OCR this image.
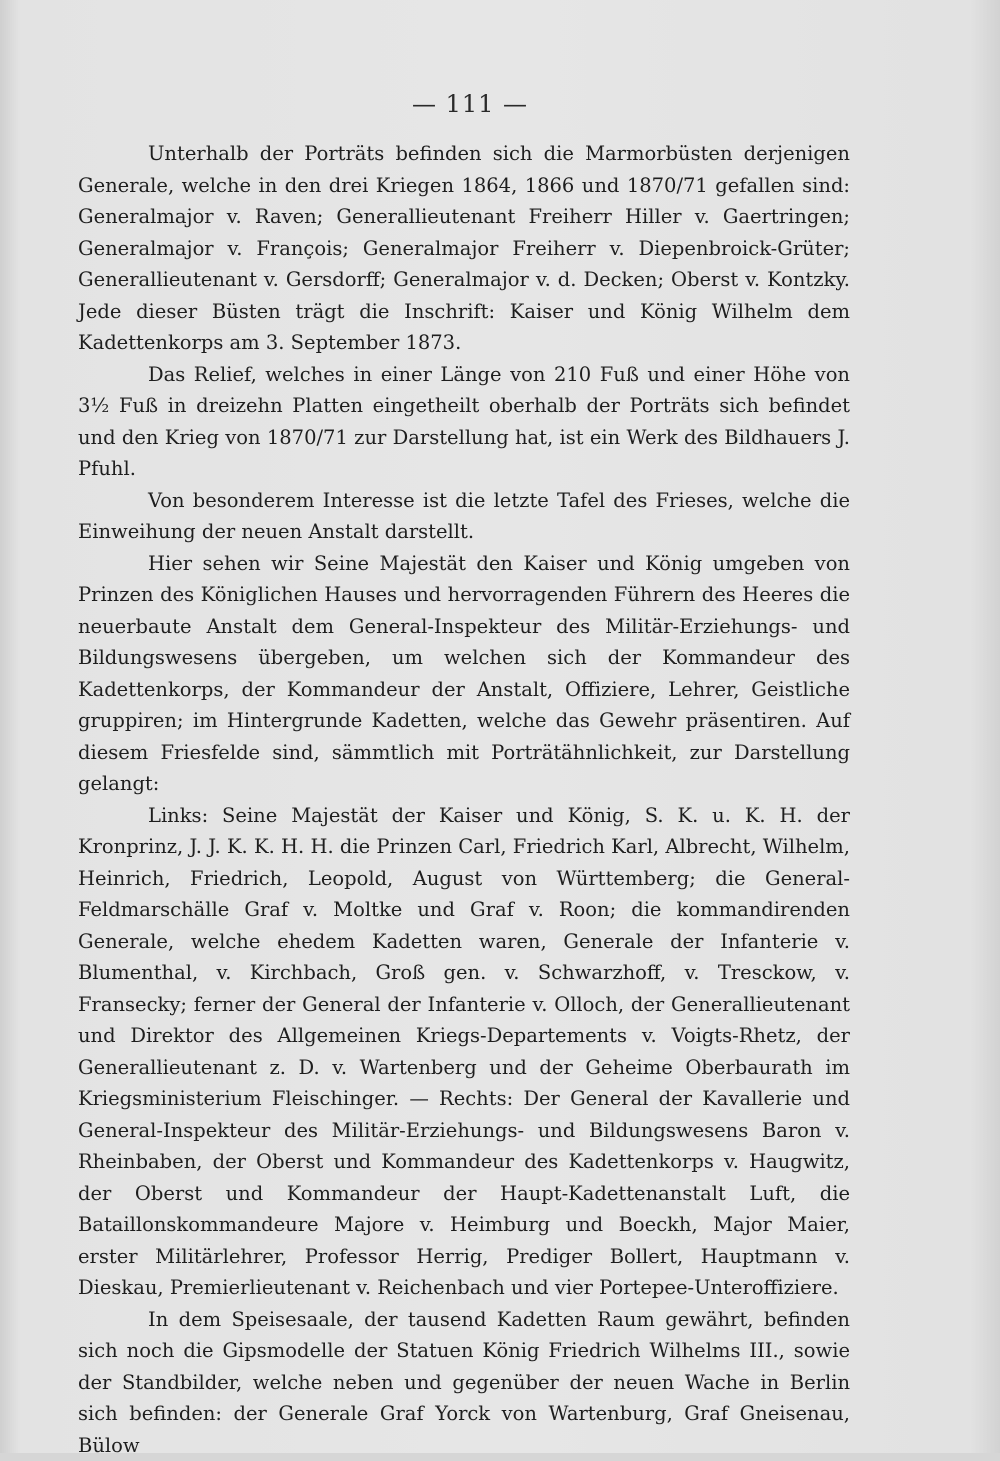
— 111 —

Unterhalb der Porträts befinden sich die Marmorbüsten derjenigen Generale, welche in den drei Kriegen 1864, 1866 und 1870/71 gefallen sind: Generalmajor v. Raven; Generallieutenant Freiherr Hiller v. Gaertringen; Generalmajor v. François; Generalmajor Freiherr v. Diepenbroick-Grüter; Generallieutenant v. Gersdorff; Generalmajor v. d. Decken; Oberst v. Kontzky. Jede dieser Büsten trägt die Inschrift: Kaiser und König Wilhelm dem Kadettenkorps am 3. September 1873.

Das Relief, welches in einer Länge von 210 Fuß und einer Höhe von 3½ Fuß in dreizehn Platten eingetheilt oberhalb der Porträts sich befindet und den Krieg von 1870/71 zur Darstellung hat, ist ein Werk des Bildhauers J. Pfuhl.

Von besonderem Interesse ist die letzte Tafel des Frieses, welche die Einweihung der neuen Anstalt darstellt.

Hier sehen wir Seine Majestät den Kaiser und König umgeben von Prinzen des Königlichen Hauses und hervorragenden Führern des Heeres die neuerbaute Anstalt dem General-Inspekteur des Militär-Erziehungs- und Bildungswesens übergeben, um welchen sich der Kommandeur des Kadettenkorps, der Kommandeur der Anstalt, Offiziere, Lehrer, Geistliche gruppiren; im Hintergrunde Kadetten, welche das Gewehr präsentiren. Auf diesem Friesfelde sind, sämmtlich mit Porträtähnlichkeit, zur Darstellung gelangt:

Links: Seine Majestät der Kaiser und König, S. K. u. K. H. der Kronprinz, J. J. K. K. H. H. die Prinzen Carl, Friedrich Karl, Albrecht, Wilhelm, Heinrich, Friedrich, Leopold, August von Württemberg; die General-Feldmarschälle Graf v. Moltke und Graf v. Roon; die kommandirenden Generale, welche ehedem Kadetten waren, Generale der Infanterie v. Blumenthal, v. Kirchbach, Groß gen. v. Schwarzhoff, v. Tresckow, v. Fransecky; ferner der General der Infanterie v. Olloch, der Generallieutenant und Direktor des Allgemeinen Kriegs-Departements v. Voigts-Rhetz, der Generallieutenant z. D. v. Wartenberg und der Geheime Oberbaurath im Kriegsministerium Fleischinger. — Rechts: Der General der Kavallerie und General-Inspekteur des Militär-Erziehungs- und Bildungswesens Baron v. Rheinbaben, der Oberst und Kommandeur des Kadettenkorps v. Haugwitz, der Oberst und Kommandeur der Haupt-Kadettenanstalt Luft, die Bataillonskommandeure Majore v. Heimburg und Boeckh, Major Maier, erster Militärlehrer, Professor Herrig, Prediger Bollert, Hauptmann v. Dieskau, Premierlieutenant v. Reichenbach und vier Portepee-Unteroffiziere.

In dem Speisesaale, der tausend Kadetten Raum gewährt, befinden sich noch die Gipsmodelle der Statuen König Friedrich Wilhelms III., sowie der Standbilder, welche neben und gegenüber der neuen Wache in Berlin sich befinden: der Generale Graf Yorck von Wartenburg, Graf Gneisenau, Bülow
